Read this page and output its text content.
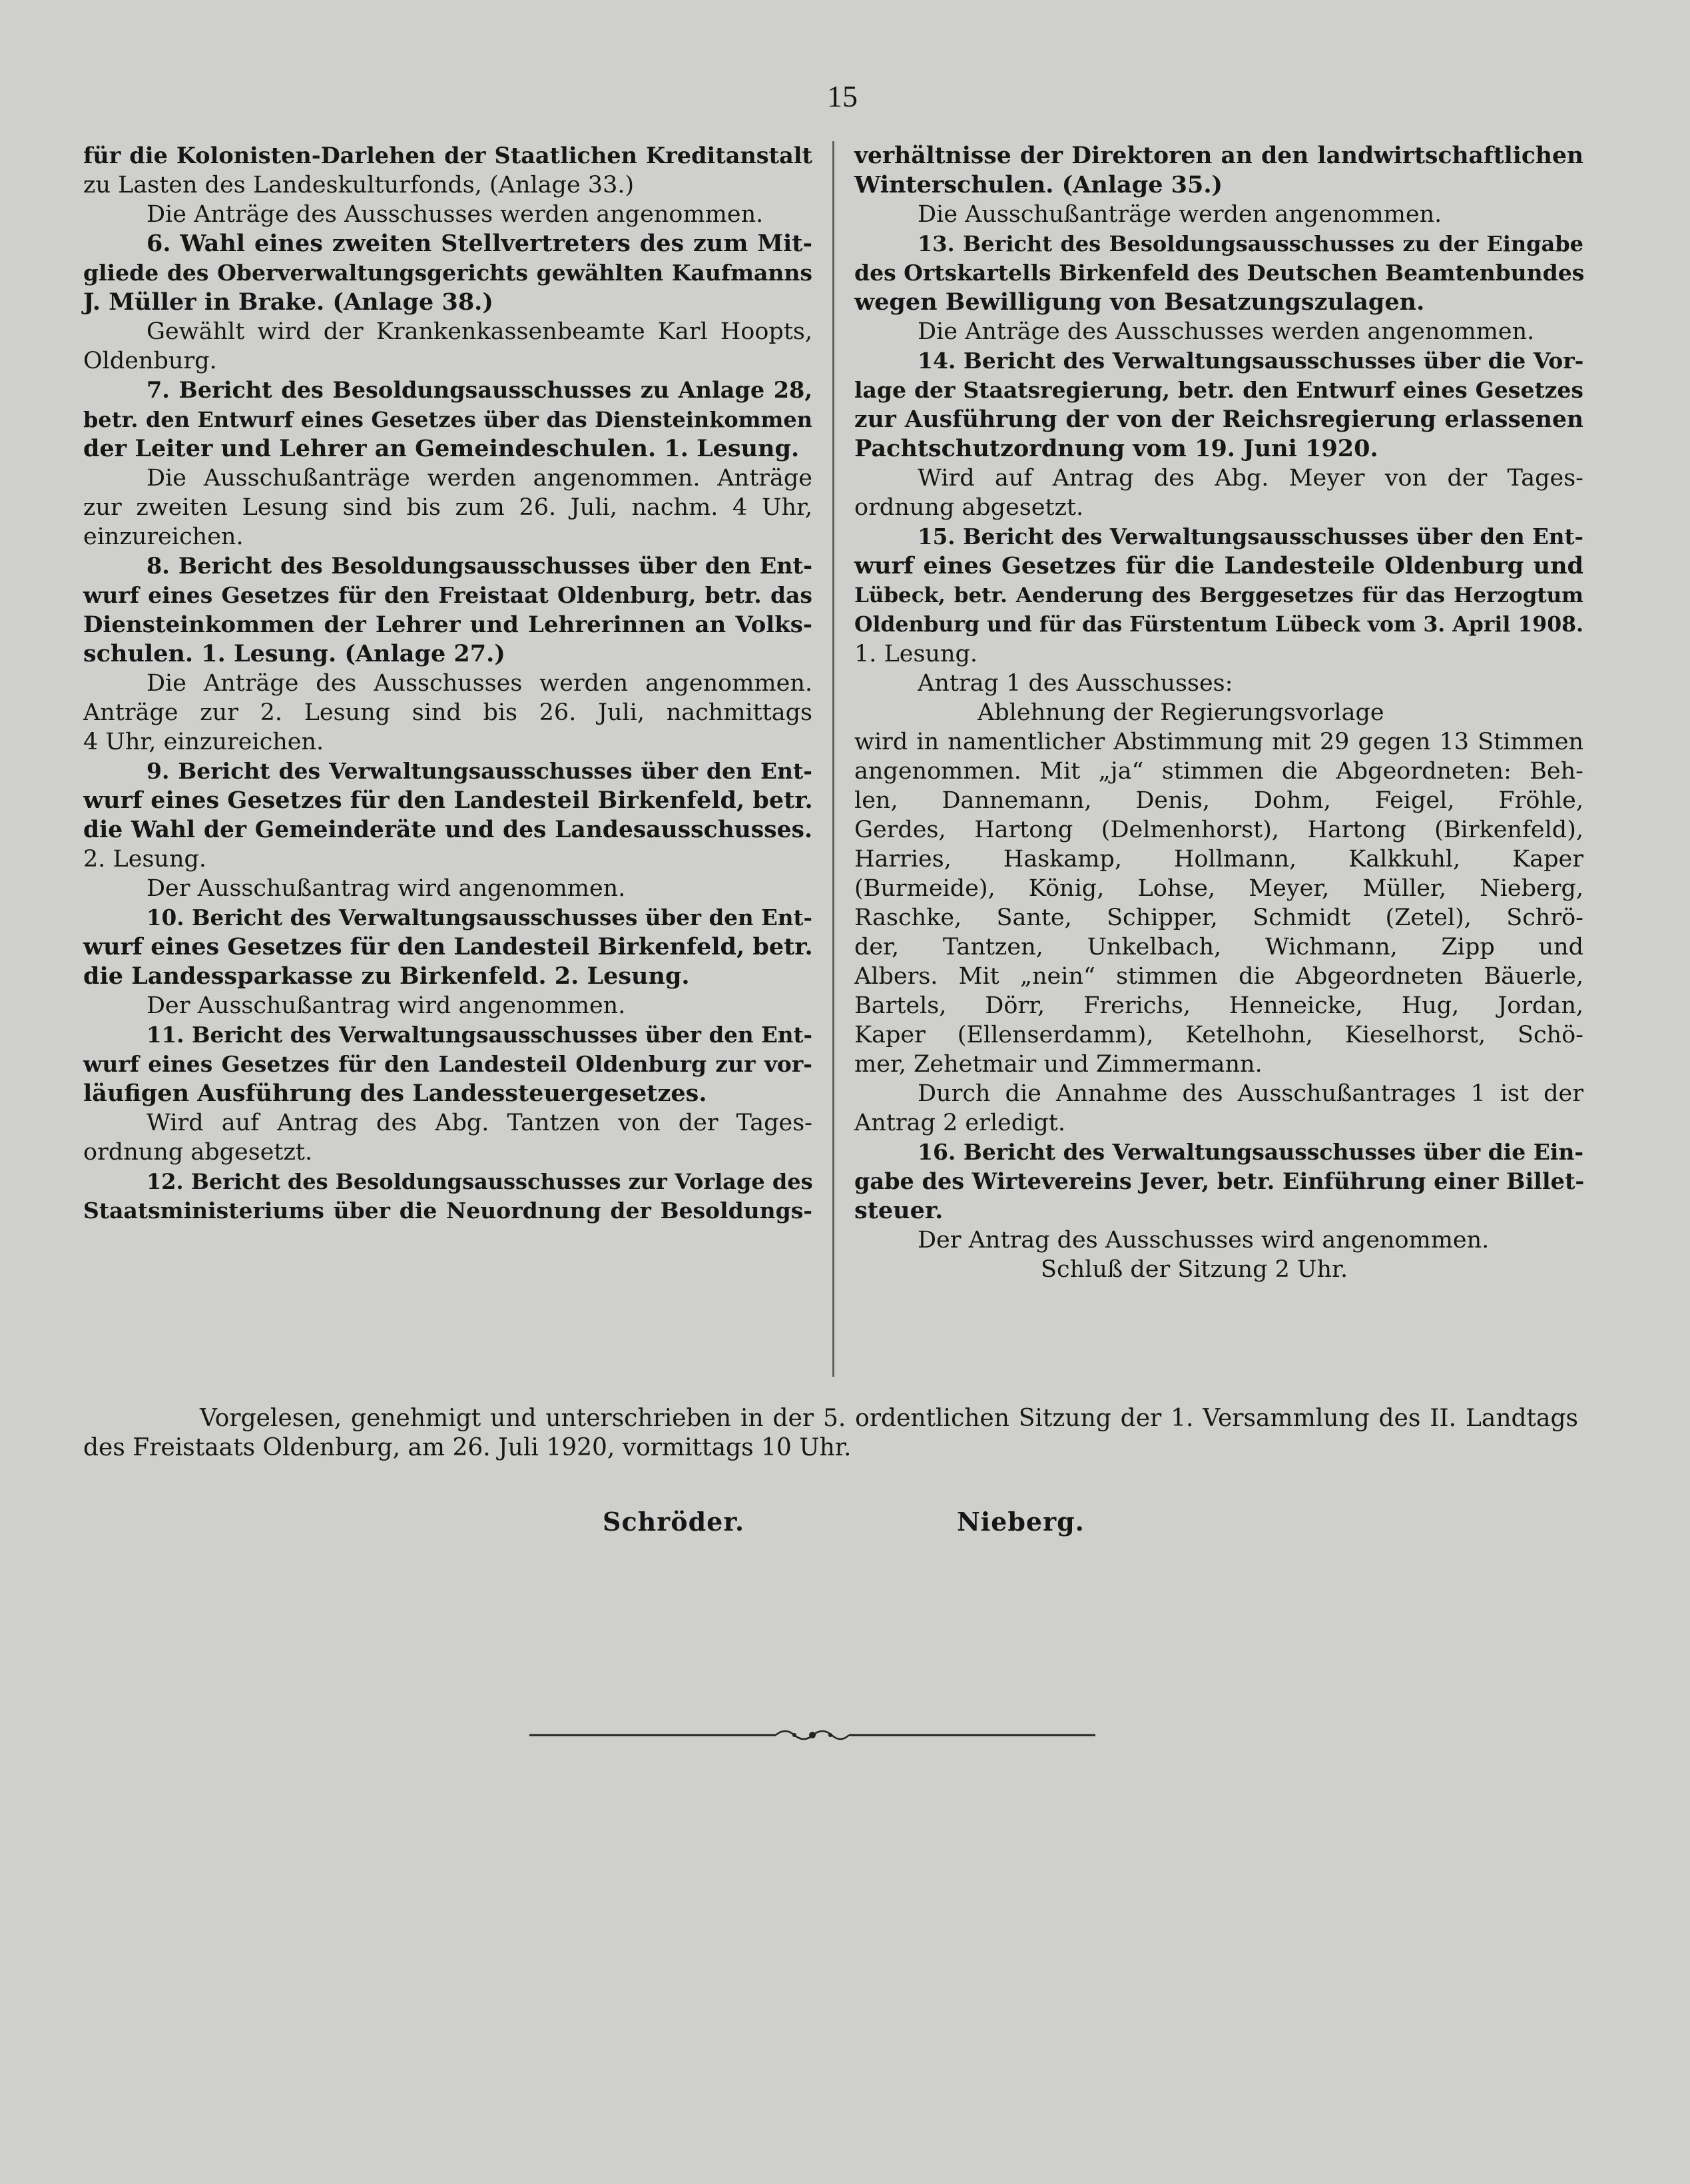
15
für die Kolonisten-Darlehen der Staatlichen Kreditanstalt
zu Lasten des Landeskulturfonds, (Anlage 33.)
Die Anträge des Ausschusses werden angenommen.
6. Wahl eines zweiten Stellvertreters des zum Mit-
gliede des Oberverwaltungsgerichts gewählten Kaufmanns
J. Müller in Brake. (Anlage 38.)
Gewählt wird der Krankenkassenbeamte Karl Hoopts,
Oldenburg.
7. Bericht des Besoldungsausschusses zu Anlage 28,
betr. den Entwurf eines Gesetzes über das Diensteinkommen
der Leiter und Lehrer an Gemeindeschulen. 1. Lesung.
Die Ausschußanträge werden angenommen. Anträge
zur zweiten Lesung sind bis zum 26. Juli, nachm. 4 Uhr,
einzureichen.
8. Bericht des Besoldungsausschusses über den Ent-
wurf eines Gesetzes für den Freistaat Oldenburg, betr. das
Diensteinkommen der Lehrer und Lehrerinnen an Volks-
schulen. 1. Lesung. (Anlage 27.)
Die Anträge des Ausschusses werden angenommen.
Anträge zur 2. Lesung sind bis 26. Juli, nachmittags
4 Uhr, einzureichen.
9. Bericht des Verwaltungsausschusses über den Ent-
wurf eines Gesetzes für den Landesteil Birkenfeld, betr.
die Wahl der Gemeinderäte und des Landesausschusses.
2. Lesung.
Der Ausschußantrag wird angenommen.
10. Bericht des Verwaltungsausschusses über den Ent-
wurf eines Gesetzes für den Landesteil Birkenfeld, betr.
die Landessparkasse zu Birkenfeld. 2. Lesung.
Der Ausschußantrag wird angenommen.
11. Bericht des Verwaltungsausschusses über den Ent-
wurf eines Gesetzes für den Landesteil Oldenburg zur vor-
läufigen Ausführung des Landessteuergesetzes.
Wird auf Antrag des Abg. Tantzen von der Tages-
ordnung abgesetzt.
12. Bericht des Besoldungsausschusses zur Vorlage des
Staatsministeriums über die Neuordnung der Besoldungs-
verhältnisse der Direktoren an den landwirtschaftlichen
Winterschulen. (Anlage 35.)
Die Ausschußanträge werden angenommen.
13. Bericht des Besoldungsausschusses zu der Eingabe
des Ortskartells Birkenfeld des Deutschen Beamtenbundes
wegen Bewilligung von Besatzungszulagen.
Die Anträge des Ausschusses werden angenommen.
14. Bericht des Verwaltungsausschusses über die Vor-
lage der Staatsregierung, betr. den Entwurf eines Gesetzes
zur Ausführung der von der Reichsregierung erlassenen
Pachtschutzordnung vom 19. Juni 1920.
Wird auf Antrag des Abg. Meyer von der Tages-
ordnung abgesetzt.
15. Bericht des Verwaltungsausschusses über den Ent-
wurf eines Gesetzes für die Landesteile Oldenburg und
Lübeck, betr. Aenderung des Berggesetzes für das Herzogtum
Oldenburg und für das Fürstentum Lübeck vom 3. April 1908.
1. Lesung.
Antrag 1 des Ausschusses:
Ablehnung der Regierungsvorlage
wird in namentlicher Abstimmung mit 29 gegen 13 Stimmen
angenommen. Mit „ja“ stimmen die Abgeordneten: Beh-
len, Dannemann, Denis, Dohm, Feigel, Fröhle,
Gerdes, Hartong (Delmenhorst), Hartong (Birkenfeld),
Harries, Haskamp, Hollmann, Kalkkuhl, Kaper
(Burmeide), König, Lohse, Meyer, Müller, Nieberg,
Raschke, Sante, Schipper, Schmidt (Zetel), Schrö-
der, Tantzen, Unkelbach, Wichmann, Zipp und
Albers. Mit „nein“ stimmen die Abgeordneten Bäuerle,
Bartels, Dörr, Frerichs, Henneicke, Hug, Jordan,
Kaper (Ellenserdamm), Ketelhohn, Kieselhorst, Schö-
mer, Zehetmair und Zimmermann.
Durch die Annahme des Ausschußantrages 1 ist der
Antrag 2 erledigt.
16. Bericht des Verwaltungsausschusses über die Ein-
gabe des Wirtevereins Jever, betr. Einführung einer Billet-
steuer.
Der Antrag des Ausschusses wird angenommen.
Schluß der Sitzung 2 Uhr.
Vorgelesen, genehmigt und unterschrieben in der 5. ordentlichen Sitzung der 1. Versammlung des II. Landtags
des Freistaats Oldenburg, am 26. Juli 1920, vormittags 10 Uhr.
Schröder.	Nieberg.
